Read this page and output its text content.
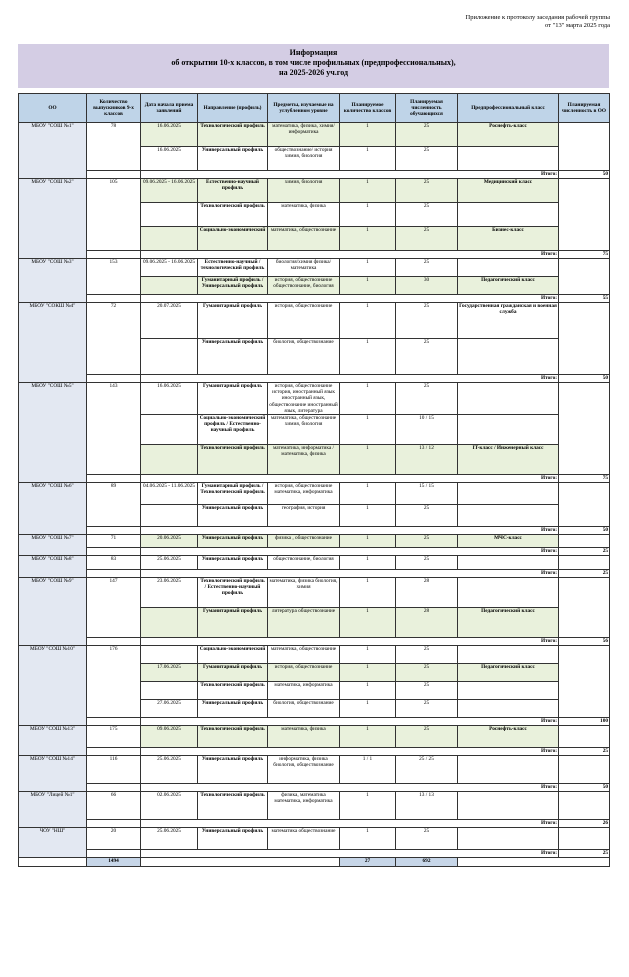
Приложение к протоколу заседания рабочей группы от "13" марта 2025 года
Информация
об открытии 10-х классов, в том числе профильных (предпрофессиональных),
на 2025-2026 уч.год
ОО	Количество выпускников 9-х классов	Дата начала приема заявлений	Направление (профиль)	Предметы, изучаемые на углубленном уровне	Планируемое количество классов	Планируемая численность обучающихся	Предпрофессиональный класс	Планируемая численность в ОО
МБОУ "СОШ №1"	78	16.06.2025	Технологический профиль	математика, физика, химия/ информатика	1	25	Роснефть-класс	
		16.06.2025	Универсальный профиль	обществознание/ история химия, биология	1	25		
		Итого:						50
МБОУ "СОШ №2"	105	09.06.2025 - 16.06.2025	Естественно-научный профиль	химия, биология	1	25	Медицинский класс	
			Технологический профиль	математика, физика	1	25		
			Социально-экономический	математика, обществознание	1	25	Бизнес-класс	
		Итого:						75
МБОУ "СОШ №3"	153	09.06.2025 - 16.06.2025	Естественно-научный / технологический профиль	биология/химия физика/ математика	1	25		
			Гуманитарный профиль / Универсальный профиль	история, обществознание обществознание, биология	1	30	Педагогический класс	
		Итого:						55
МБОУ "СОКШ №4"	72	20.07.2025	Гуманитарный профиль	история, обществознание	1	25	Государственная гражданская и военная служба	
			Универсальный профиль	биология, обществознание	1	25		
		Итого:						50
МБОУ "СОШ №5"	143	16.06.2025	Гуманитарный профиль	история, обществознание история, иностранный язык иностранный язык, обществознание иностранный язык, литература	1	25		
			Социально-экономический профиль / Естественно-научный профиль	математика, обществознание химия, биология	1	10 / 15		
			Технологический профиль	математика, информатика / математика, физика	1	13 / 12	IT-класс / Инженерный класс	
		Итого:						75
МБОУ "СОШ №6"	89	04.06.2025 - 11.06.2025	Гуманитарный профиль / Технологический профиль	история, обществознание математика, информатика	1	15 / 15		
			Универсальный профиль	география, история	1	25		
		Итого:						50
МБОУ "СОШ №7"	71	20.06.2025	Универсальный профиль	физика , обществознание	1	25	МЧС-класс	
		Итого:						25
МБОУ "СОШ №8"	83	25.06.2025	Универсальный профиль	обществознание, биология	1	25		
		Итого:						25
МБОУ "СОШ №9"	147	23.06.2025	Технологический профиль / Естественно-научный профиль	математика, физика биология, химия	1	28		
			Гуманитарный профиль	литература обществознание	1	28	Педагогический класс	
		Итого:						56
МБОУ "СОШ №10"	176		Социально-экономический	математика, обществознание	1	25		
		17.06.2025	Гуманитарный профиль	история, обществознание	1	25	Педагогический класс	
			Технологический профиль	математика, информатика	1	25		
		27.06.2025	Универсальный профиль	биология, обществознание	1	25		
		Итого:						100
МБОУ "СОШ №13"	175	09.06.2025	Технологический профиль	математика, физика	1	25	Роснефть-класс	
		Итого:						25
МБОУ "СОШ №14"	116	25.06.2025	Универсальный профиль	информатика, физика биология, обществознание	1 / 1	25 / 25		
		Итого:						50
МБОУ "Лицей №1"	66	02.06.2025	Технологический профиль	физика, математика математика, информатика	1	13 / 13		
		Итого:						26
ЧОУ "НШ"	20	25.06.2025	Универсальный профиль	математика обществознание	1	25		
		Итого:						25
	1494				27	692		
